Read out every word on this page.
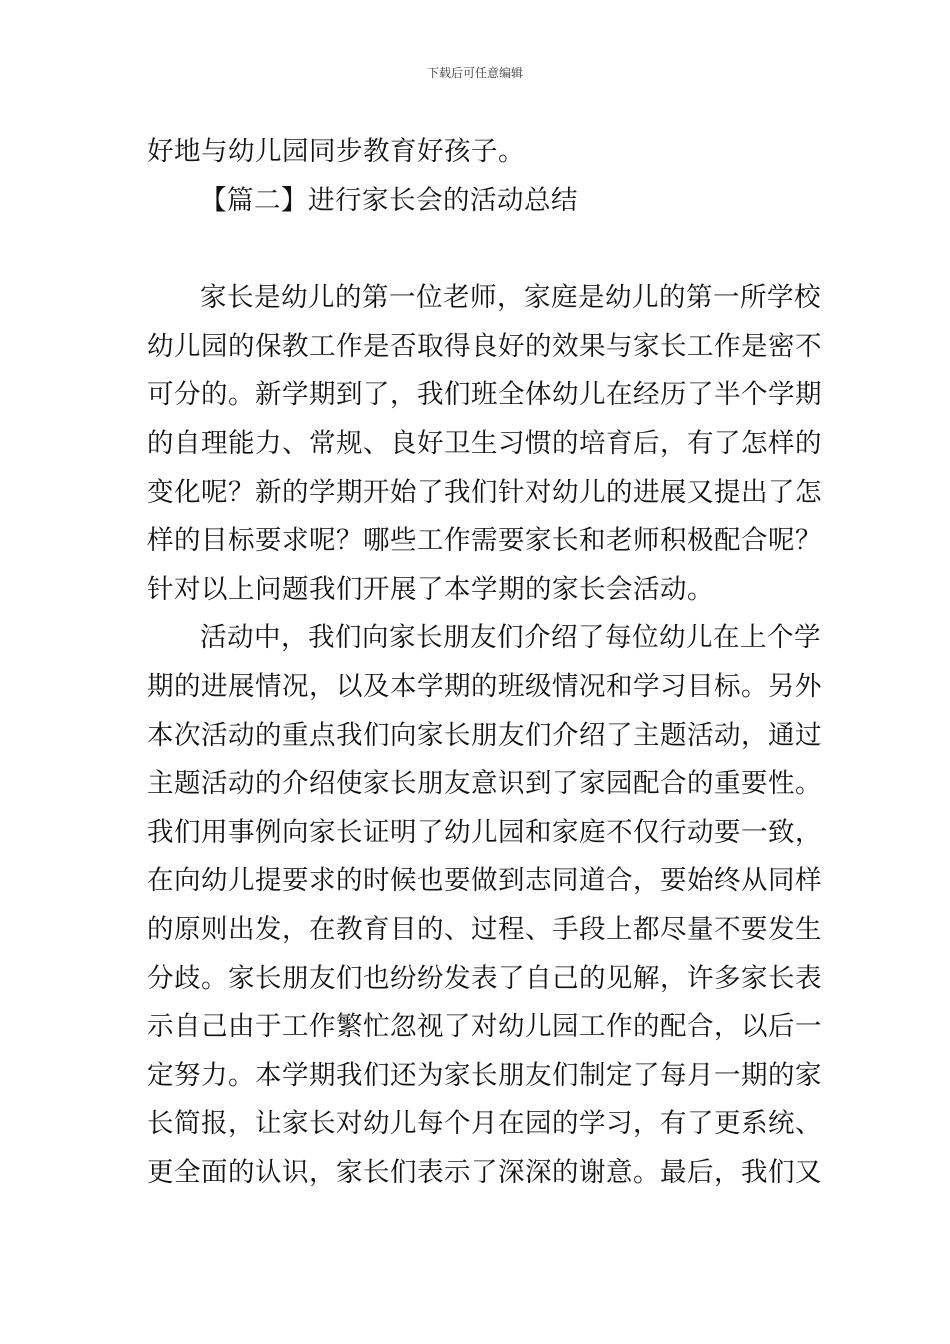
下载后可任意编辑
好地与幼儿园同步教育好孩子。
【篇二】进行家长会的活动总结
家长是幼儿的第一位老师，家庭是幼儿的第一所学校
幼儿园的保教工作是否取得良好的效果与家长工作是密不
可分的。新学期到了，我们班全体幼儿在经历了半个学期
的自理能力、常规、良好卫生习惯的培育后，有了怎样的
变化呢？新的学期开始了我们针对幼儿的进展又提出了怎
样的目标要求呢？哪些工作需要家长和老师积极配合呢？
针对以上问题我们开展了本学期的家长会活动。
活动中，我们向家长朋友们介绍了每位幼儿在上个学
期的进展情况，以及本学期的班级情况和学习目标。另外
本次活动的重点我们向家长朋友们介绍了主题活动，通过
主题活动的介绍使家长朋友意识到了家园配合的重要性。
我们用事例向家长证明了幼儿园和家庭不仅行动要一致，
在向幼儿提要求的时候也要做到志同道合，要始终从同样
的原则出发，在教育目的、过程、手段上都尽量不要发生
分歧。家长朋友们也纷纷发表了自己的见解，许多家长表
示自己由于工作繁忙忽视了对幼儿园工作的配合，以后一
定努力。本学期我们还为家长朋友们制定了每月一期的家
长简报，让家长对幼儿每个月在园的学习，有了更系统、
更全面的认识，家长们表示了深深的谢意。最后，我们又
